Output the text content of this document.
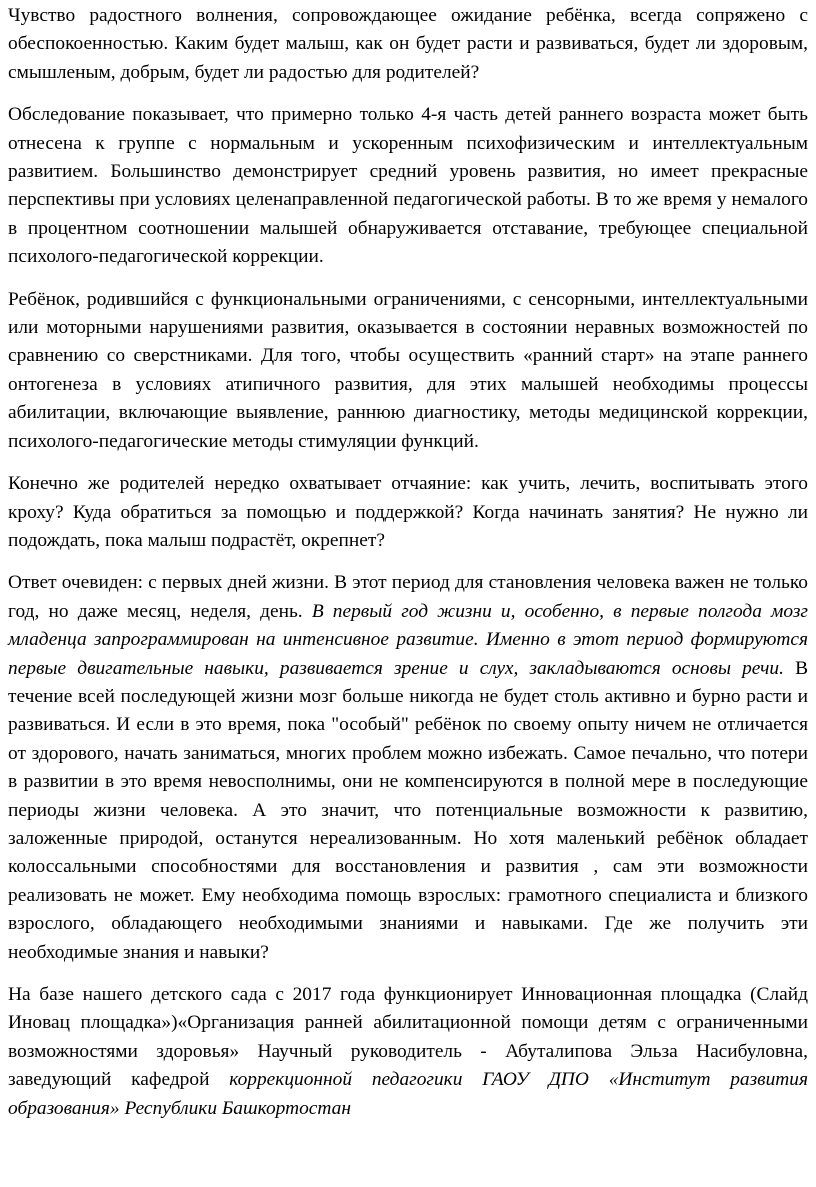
Чувство радостного волнения, сопровождающее ожидание ребёнка, всегда сопряжено с обеспокоенностью. Каким будет малыш, как он будет расти и развиваться, будет ли здоровым, смышленым, добрым, будет ли радостью для родителей?

Обследование показывает, что примерно только 4-я часть детей раннего возраста может быть отнесена к группе с нормальным и ускоренным психофизическим и интеллектуальным развитием. Большинство демонстрирует средний уровень развития, но имеет прекрасные перспективы при условиях целенаправленной педагогической работы. В то же время у немалого в процентном соотношении малышей обнаруживается отставание, требующее специальной психолого-педагогической коррекции.

Ребёнок, родившийся с функциональными ограничениями, с сенсорными, интеллектуальными или моторными нарушениями развития, оказывается в состоянии неравных возможностей по сравнению со сверстниками. Для того, чтобы осуществить «ранний старт» на этапе раннего онтогенеза в условиях атипичного развития, для этих малышей необходимы процессы абилитации, включающие выявление, раннюю диагностику, методы медицинской коррекции, психолого-педагогические методы стимуляции функций.

Конечно же родителей нередко охватывает отчаяние: как учить, лечить, воспитывать этого кроху? Куда обратиться за помощью и поддержкой? Когда начинать занятия? Не нужно ли подождать, пока малыш подрастёт, окрепнет?

Ответ очевиден: с первых дней жизни. В этот период для становления человека важен не только год, но даже месяц, неделя, день. В первый год жизни и, особенно, в первые полгода мозг младенца запрограммирован на интенсивное развитие. Именно в этот период формируются первые двигательные навыки, развивается зрение и слух, закладываются основы речи. В течение всей последующей жизни мозг больше никогда не будет столь активно и бурно расти и развиваться. И если в это время, пока "особый" ребёнок по своему опыту ничем не отличается от здорового, начать заниматься, многих проблем можно избежать. Самое печально, что потери в развитии в это время невосполнимы, они не компенсируются в полной мере в последующие периоды жизни человека. А это значит, что потенциальные возможности к развитию, заложенные природой, останутся нереализованным. Но хотя маленький ребёнок обладает колоссальными способностями для восстановления и развития , сам эти возможности реализовать не может. Ему необходима помощь взрослых: грамотного специалиста и близкого взрослого, обладающего необходимыми знаниями и навыками. Где же получить эти необходимые знания и навыки?

На базе нашего детского сада с 2017 года функционирует Инновационная площадка (Слайд Иновац площадка»)«Организация ранней абилитационной помощи детям с ограниченными возможностями здоровья» Научный руководитель - Абуталипова Эльза Насибуловна, заведующий кафедрой коррекционной педагогики ГАОУ ДПО «Институт развития образования» Республики Башкортостан
